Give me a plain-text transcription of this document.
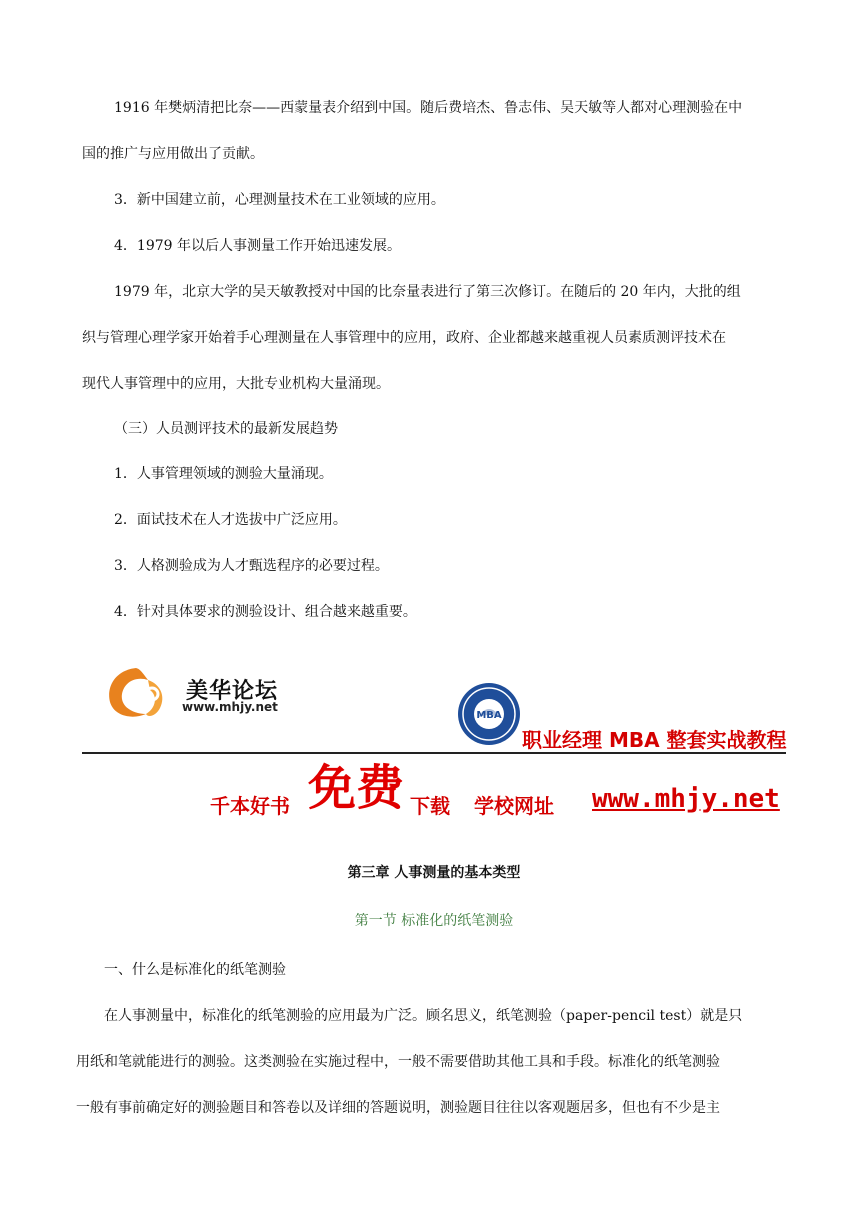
1916 年樊炳清把比奈——西蒙量表介绍到中国。随后费培杰、鲁志伟、吴天敏等人都对心理测验在中
国的推广与应用做出了贡献。
3．新中国建立前，心理测量技术在工业领域的应用。
4．1979 年以后人事测量工作开始迅速发展。
1979 年，北京大学的吴天敏教授对中国的比奈量表进行了第三次修订。在随后的 20 年内，大批的组
织与管理心理学家开始着手心理测量在人事管理中的应用，政府、企业都越来越重视人员素质测评技术在
现代人事管理中的应用，大批专业机构大量涌现。
（三）人员测评技术的最新发展趋势
1．人事管理领域的测验大量涌现。
2．面试技术在人才选拔中广泛应用。
3．人格测验成为人才甄选程序的必要过程。
4．针对具体要求的测验设计、组合越来越重要。
美华论坛
www.mhjy.net
MBA
职业经理 MBA 整套实战教程
千本好书 免费 下载 学校网址 www.mhjy.net
第三章 人事测量的基本类型
第一节 标准化的纸笔测验
一、什么是标准化的纸笔测验
在人事测量中，标准化的纸笔测验的应用最为广泛。顾名思义，纸笔测验（paper-pencil test）就是只
用纸和笔就能进行的测验。这类测验在实施过程中，一般不需要借助其他工具和手段。标准化的纸笔测验
一般有事前确定好的测验题目和答卷以及详细的答题说明，测验题目往往以客观题居多，但也有不少是主
